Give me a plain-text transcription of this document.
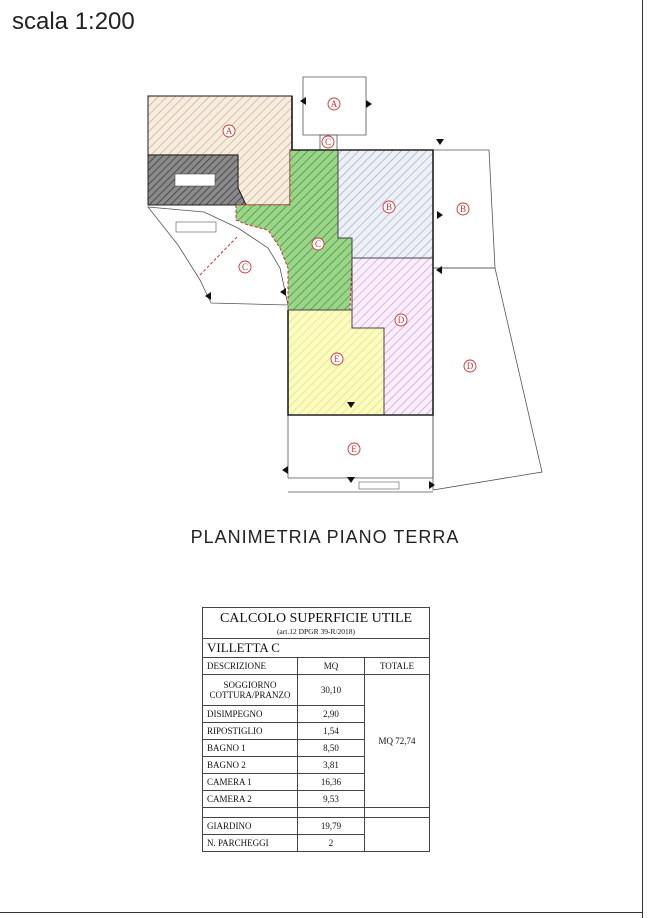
scala 1:200
A
A
C
B	B
C
C
D
D
E
E
PLANIMETRIA PIANO TERRA
CALCOLO SUPERFICIE UTILE
(art.12 DPGR 39-R/2018)		

VILLETTA C		
DESCRIZIONE	MQ	TOTALE
SOGGIORNO COTTURA/PRANZO	30,10	MQ 72,74
DISIMPEGNO	2,90	
RIPOSTIGLIO	1,54	
BAGNO 1	8,50	
BAGNO 2	3,81	
CAMERA 1	16,36	
CAMERA 2	9,53	

GIARDINO	19,79	
N. PARCHEGGI	2	
